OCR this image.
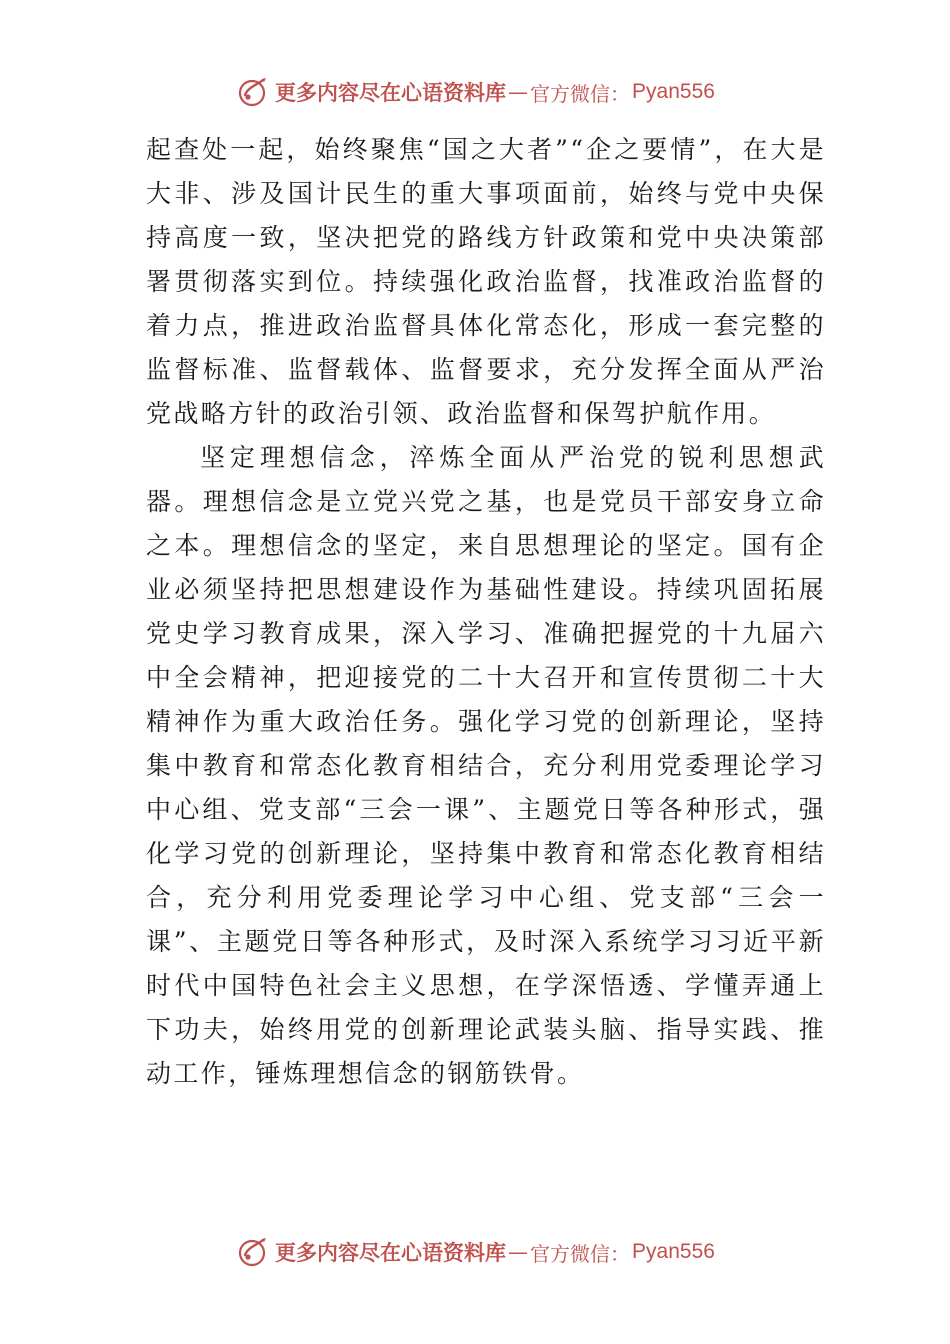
更多内容尽在心语资料库 — 官方微信： Pyan556

起查处一起，始终聚焦“国之大者”“企之要情”，在大是大非、涉及国计民生的重大事项面前，始终与党中央保持高度一致，坚决把党的路线方针政策和党中央决策部署贯彻落实到位。持续强化政治监督，找准政治监督的着力点，推进政治监督具体化常态化，形成一套完整的监督标准、监督载体、监督要求，充分发挥全面从严治党战略方针的政治引领、政治监督和保驾护航作用。

坚定理想信念，淬炼全面从严治党的锐利思想武器。理想信念是立党兴党之基，也是党员干部安身立命之本。理想信念的坚定，来自思想理论的坚定。国有企业必须坚持把思想建设作为基础性建设。持续巩固拓展党史学习教育成果，深入学习、准确把握党的十九届六中全会精神，把迎接党的二十大召开和宣传贯彻二十大精神作为重大政治任务。强化学习党的创新理论，坚持集中教育和常态化教育相结合，充分利用党委理论学习中心组、党支部“三会一课”、主题党日等各种形式，强化学习党的创新理论，坚持集中教育和常态化教育相结合，充分利用党委理论学习中心组、党支部“三会一课”、主题党日等各种形式，及时深入系统学习习近平新时代中国特色社会主义思想，在学深悟透、学懂弄通上下功夫，始终用党的创新理论武装头脑、指导实践、推动工作，锤炼理想信念的钢筋铁骨。

更多内容尽在心语资料库 — 官方微信： Pyan556
